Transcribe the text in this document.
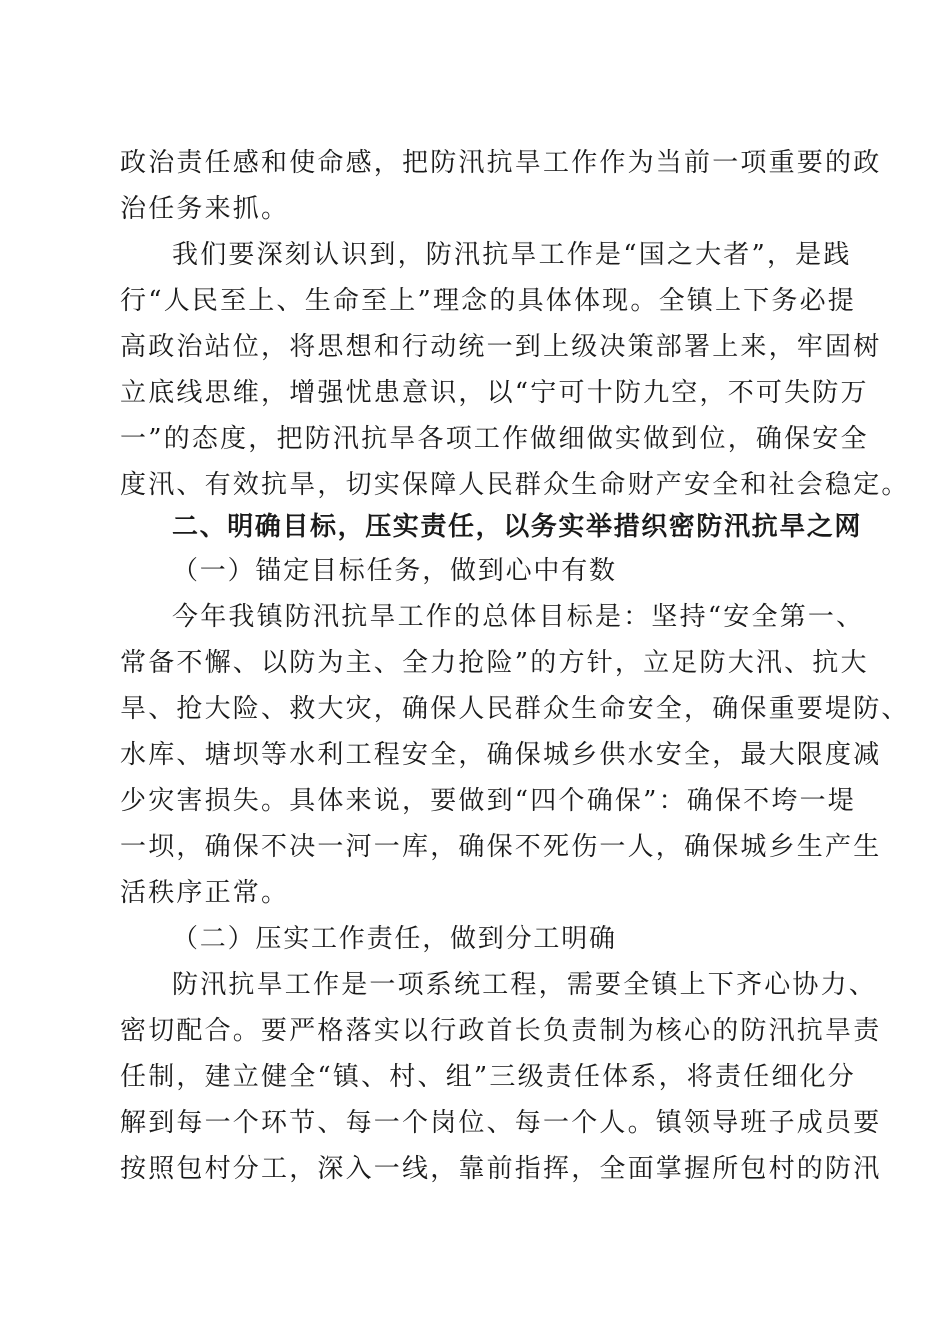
政治责任感和使命感，把防汛抗旱工作作为当前一项重要的政
治任务来抓。
我们要深刻认识到，防汛抗旱工作是“国之大者”，是践
行“人民至上、生命至上”理念的具体体现。全镇上下务必提
高政治站位，将思想和行动统一到上级决策部署上来，牢固树
立底线思维，增强忧患意识，以“宁可十防九空，不可失防万
一”的态度，把防汛抗旱各项工作做细做实做到位，确保安全
度汛、有效抗旱，切实保障人民群众生命财产安全和社会稳定。
二、明确目标，压实责任，以务实举措织密防汛抗旱之网
（一）锚定目标任务，做到心中有数
今年我镇防汛抗旱工作的总体目标是：坚持“安全第一、
常备不懈、以防为主、全力抢险”的方针，立足防大汛、抗大
旱、抢大险、救大灾，确保人民群众生命安全，确保重要堤防、
水库、塘坝等水利工程安全，确保城乡供水安全，最大限度减
少灾害损失。具体来说，要做到“四个确保”：确保不垮一堤
一坝，确保不决一河一库，确保不死伤一人，确保城乡生产生
活秩序正常。
（二）压实工作责任，做到分工明确
防汛抗旱工作是一项系统工程，需要全镇上下齐心协力、
密切配合。要严格落实以行政首长负责制为核心的防汛抗旱责
任制，建立健全“镇、村、组”三级责任体系，将责任细化分
解到每一个环节、每一个岗位、每一个人。镇领导班子成员要
按照包村分工，深入一线，靠前指挥，全面掌握所包村的防汛
